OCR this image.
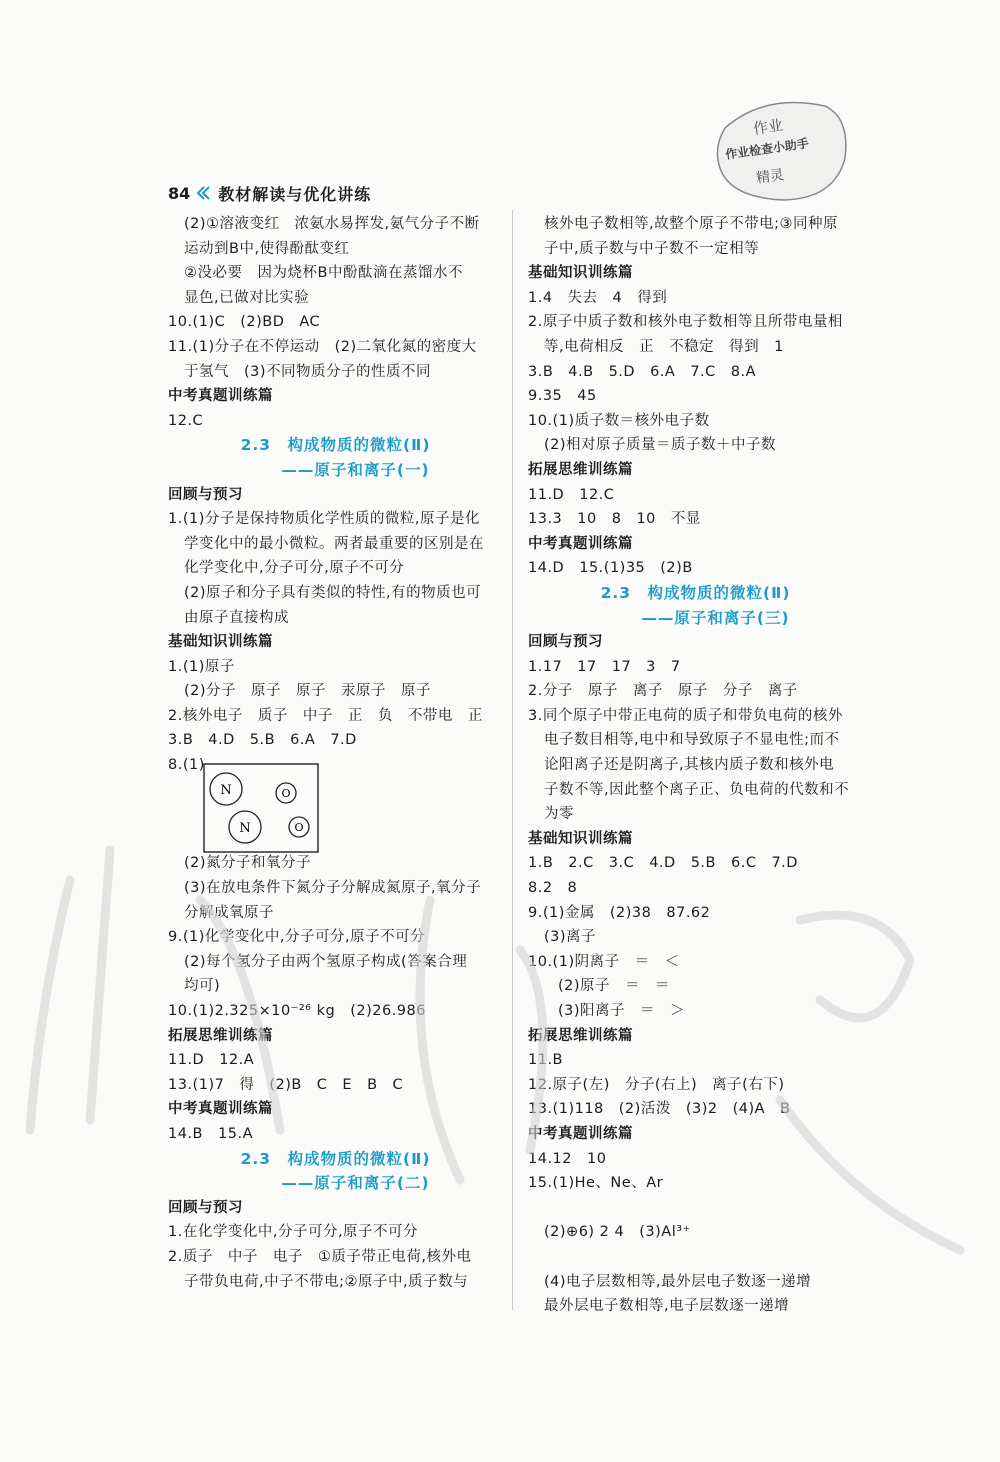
84 教材解读与优化讲练
作业
作业检查小助手
精灵
(2)①溶液变红　浓氨水易挥发,氨气分子不断
运动到B中,使得酚酞变红
②没必要　因为烧杯B中酚酞滴在蒸馏水不
显色,已做对比实验
10.(1)C　(2)BD　AC
11.(1)分子在不停运动　(2)二氧化氮的密度大
于氢气　(3)不同物质分子的性质不同
中考真题训练篇
12.C
2.3　构成物质的微粒(Ⅱ)
——原子和离子(一)
回顾与预习
1.(1)分子是保持物质化学性质的微粒,原子是化
学变化中的最小微粒。两者最重要的区别是在
化学变化中,分子可分,原子不可分
(2)原子和分子具有类似的特性,有的物质也可
由原子直接构成
基础知识训练篇
1.(1)原子
(2)分子　原子　原子　汞原子　原子
2.核外电子　质子　中子　正　负　不带电　正
3.B　4.D　5.B　6.A　7.D
8.(1)
(2)氮分子和氧分子
(3)在放电条件下氮分子分解成氮原子,氧分子
分解成氧原子
9.(1)化学变化中,分子可分,原子不可分
(2)每个氢分子由两个氢原子构成(答案合理
均可)
10.(1)2.325×10⁻²⁶ kg　(2)26.986
拓展思维训练篇
11.D　12.A
13.(1)7　得　(2)B　C　E　B　C
中考真题训练篇
14.B　15.A
2.3　构成物质的微粒(Ⅱ)
——原子和离子(二)
回顾与预习
1.在化学变化中,分子可分,原子不可分
2.质子　中子　电子　①质子带正电荷,核外电
子带负电荷,中子不带电;②原子中,质子数与
核外电子数相等,故整个原子不带电;③同种原
子中,质子数与中子数不一定相等
基础知识训练篇
1.4　失去　4　得到
2.原子中质子数和核外电子数相等且所带电量相
等,电荷相反　正　不稳定　得到　1
3.B　4.B　5.D　6.A　7.C　8.A
9.35　45
10.(1)质子数＝核外电子数
(2)相对原子质量＝质子数＋中子数
拓展思维训练篇
11.D　12.C
13.3　10　8　10　不显
中考真题训练篇
14.D　15.(1)35　(2)B
2.3　构成物质的微粒(Ⅱ)
——原子和离子(三)
回顾与预习
1.17　17　17　3　7
2.分子　原子　离子　原子　分子　离子
3.同个原子中带正电荷的质子和带负电荷的核外
电子数目相等,电中和导致原子不显电性;而不
论阳离子还是阴离子,其核内质子数和核外电
子数不等,因此整个离子正、负电荷的代数和不
为零
基础知识训练篇
1.B　2.C　3.C　4.D　5.B　6.C　7.D
8.2　8
9.(1)金属　(2)38　87.62
(3)离子
10.(1)阴离子　＝　＜
(2)原子　＝　＝
(3)阳离子　＝　＞
拓展思维训练篇
11.B
12.原子(左)　分子(右上)　离子(右下)
13.(1)118　(2)活泼　(3)2　(4)A　B
中考真题训练篇
14.12　10
15.(1)He、Ne、Ar
(2)⊕6) 2 4　(3)Al³⁺
(4)电子层数相等,最外层电子数逐一递增
最外层电子数相等,电子层数逐一递增
N	O
N	O
